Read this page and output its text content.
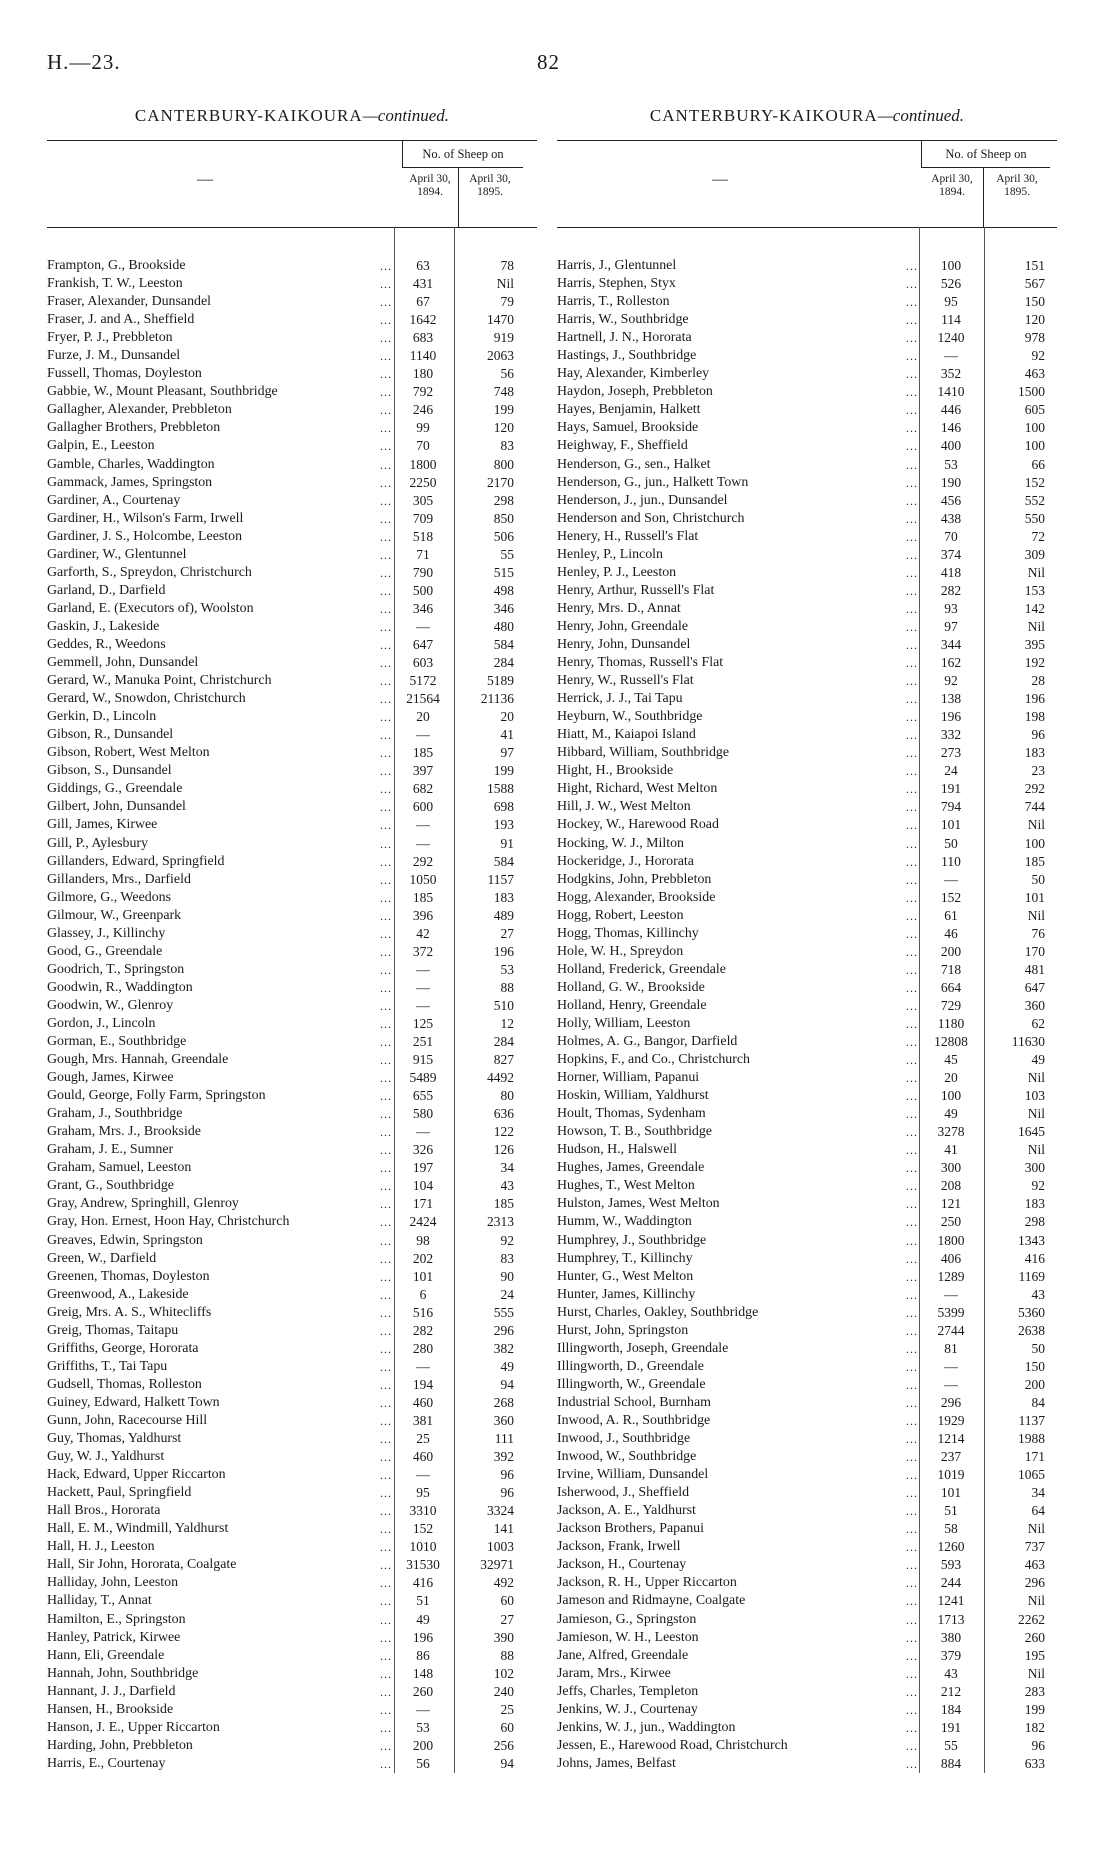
H.—23.	82
CANTERBURY-KAIKOURA—continued.
—
No. of Sheep on
April 30, 1894.
April 30, 1895.
Frampton, G., Brookside	...	63	78
Frankish, T. W., Leeston	...	431	Nil
Fraser, Alexander, Dunsandel	...	67	79
Fraser, J. and A., Sheffield	...	1642	1470
Fryer, P. J., Prebbleton	...	683	919
Furze, J. M., Dunsandel	...	1140	2063
Fussell, Thomas, Doyleston	...	180	56
Gabbie, W., Mount Pleasant, Southbridge	...	792	748
Gallagher, Alexander, Prebbleton	...	246	199
Gallagher Brothers, Prebbleton	...	99	120
Galpin, E., Leeston	...	70	83
Gamble, Charles, Waddington	...	1800	800
Gammack, James, Springston	...	2250	2170
Gardiner, A., Courtenay	...	305	298
Gardiner, H., Wilson's Farm, Irwell	...	709	850
Gardiner, J. S., Holcombe, Leeston	...	518	506
Gardiner, W., Glentunnel	...	71	55
Garforth, S., Spreydon, Christchurch	...	790	515
Garland, D., Darfield	...	500	498
Garland, E. (Executors of), Woolston	...	346	346
Gaskin, J., Lakeside	...	—	480
Geddes, R., Weedons	...	647	584
Gemmell, John, Dunsandel	...	603	284
Gerard, W., Manuka Point, Christchurch	...	5172	5189
Gerard, W., Snowdon, Christchurch	...	21564	21136
Gerkin, D., Lincoln	...	20	20
Gibson, R., Dunsandel	...	—	41
Gibson, Robert, West Melton	...	185	97
Gibson, S., Dunsandel	...	397	199
Giddings, G., Greendale	...	682	1588
Gilbert, John, Dunsandel	...	600	698
Gill, James, Kirwee	...	—	193
Gill, P., Aylesbury	...	—	91
Gillanders, Edward, Springfield	...	292	584
Gillanders, Mrs., Darfield	...	1050	1157
Gilmore, G., Weedons	...	185	183
Gilmour, W., Greenpark	...	396	489
Glassey, J., Killinchy	...	42	27
Good, G., Greendale	...	372	196
Goodrich, T., Springston	...	—	53
Goodwin, R., Waddington	...	—	88
Goodwin, W., Glenroy	...	—	510
Gordon, J., Lincoln	...	125	12
Gorman, E., Southbridge	...	251	284
Gough, Mrs. Hannah, Greendale	...	915	827
Gough, James, Kirwee	...	5489	4492
Gould, George, Folly Farm, Springston	...	655	80
Graham, J., Southbridge	...	580	636
Graham, Mrs. J., Brookside	...	—	122
Graham, J. E., Sumner	...	326	126
Graham, Samuel, Leeston	...	197	34
Grant, G., Southbridge	...	104	43
Gray, Andrew, Springhill, Glenroy	...	171	185
Gray, Hon. Ernest, Hoon Hay, Christchurch	...	2424	2313
Greaves, Edwin, Springston	...	98	92
Green, W., Darfield	...	202	83
Greenen, Thomas, Doyleston	...	101	90
Greenwood, A., Lakeside	...	6	24
Greig, Mrs. A. S., Whitecliffs	...	516	555
Greig, Thomas, Taitapu	...	282	296
Griffiths, George, Hororata	...	280	382
Griffiths, T., Tai Tapu	...	—	49
Gudsell, Thomas, Rolleston	...	194	94
Guiney, Edward, Halkett Town	...	460	268
Gunn, John, Racecourse Hill	...	381	360
Guy, Thomas, Yaldhurst	...	25	111
Guy, W. J., Yaldhurst	...	460	392
Hack, Edward, Upper Riccarton	...	—	96
Hackett, Paul, Springfield	...	95	96
Hall Bros., Hororata	...	3310	3324
Hall, E. M., Windmill, Yaldhurst	...	152	141
Hall, H. J., Leeston	...	1010	1003
Hall, Sir John, Hororata, Coalgate	...	31530	32971
Halliday, John, Leeston	...	416	492
Halliday, T., Annat	...	51	60
Hamilton, E., Springston	...	49	27
Hanley, Patrick, Kirwee	...	196	390
Hann, Eli, Greendale	...	86	88
Hannah, John, Southbridge	...	148	102
Hannant, J. J., Darfield	...	260	240
Hansen, H., Brookside	...	—	25
Hanson, J. E., Upper Riccarton	...	53	60
Harding, John, Prebbleton	...	200	256
Harris, E., Courtenay	...	56	94
CANTERBURY-KAIKOURA—continued.
—
No. of Sheep on
April 30, 1894.
April 30, 1895.
Harris, J., Glentunnel	...	100	151
Harris, Stephen, Styx	...	526	567
Harris, T., Rolleston	...	95	150
Harris, W., Southbridge	...	114	120
Hartnell, J. N., Hororata	...	1240	978
Hastings, J., Southbridge	...	—	92
Hay, Alexander, Kimberley	...	352	463
Haydon, Joseph, Prebbleton	...	1410	1500
Hayes, Benjamin, Halkett	...	446	605
Hays, Samuel, Brookside	...	146	100
Heighway, F., Sheffield	...	400	100
Henderson, G., sen., Halket	...	53	66
Henderson, G., jun., Halkett Town	...	190	152
Henderson, J., jun., Dunsandel	...	456	552
Henderson and Son, Christchurch	...	438	550
Henery, H., Russell's Flat	...	70	72
Henley, P., Lincoln	...	374	309
Henley, P. J., Leeston	...	418	Nil
Henry, Arthur, Russell's Flat	...	282	153
Henry, Mrs. D., Annat	...	93	142
Henry, John, Greendale	...	97	Nil
Henry, John, Dunsandel	...	344	395
Henry, Thomas, Russell's Flat	...	162	192
Henry, W., Russell's Flat	...	92	28
Herrick, J. J., Tai Tapu	...	138	196
Heyburn, W., Southbridge	...	196	198
Hiatt, M., Kaiapoi Island	...	332	96
Hibbard, William, Southbridge	...	273	183
Hight, H., Brookside	...	24	23
Hight, Richard, West Melton	...	191	292
Hill, J. W., West Melton	...	794	744
Hockey, W., Harewood Road	...	101	Nil
Hocking, W. J., Milton	...	50	100
Hockeridge, J., Hororata	...	110	185
Hodgkins, John, Prebbleton	...	—	50
Hogg, Alexander, Brookside	...	152	101
Hogg, Robert, Leeston	...	61	Nil
Hogg, Thomas, Killinchy	...	46	76
Hole, W. H., Spreydon	...	200	170
Holland, Frederick, Greendale	...	718	481
Holland, G. W., Brookside	...	664	647
Holland, Henry, Greendale	...	729	360
Holly, William, Leeston	...	1180	62
Holmes, A. G., Bangor, Darfield	...	12808	11630
Hopkins, F., and Co., Christchurch	...	45	49
Horner, William, Papanui	...	20	Nil
Hoskin, William, Yaldhurst	...	100	103
Hoult, Thomas, Sydenham	...	49	Nil
Howson, T. B., Southbridge	...	3278	1645
Hudson, H., Halswell	...	41	Nil
Hughes, James, Greendale	...	300	300
Hughes, T., West Melton	...	208	92
Hulston, James, West Melton	...	121	183
Humm, W., Waddington	...	250	298
Humphrey, J., Southbridge	...	1800	1343
Humphrey, T., Killinchy	...	406	416
Hunter, G., West Melton	...	1289	1169
Hunter, James, Killinchy	...	—	43
Hurst, Charles, Oakley, Southbridge	...	5399	5360
Hurst, John, Springston	...	2744	2638
Illingworth, Joseph, Greendale	...	81	50
Illingworth, D., Greendale	...	—	150
Illingworth, W., Greendale	...	—	200
Industrial School, Burnham	...	296	84
Inwood, A. R., Southbridge	...	1929	1137
Inwood, J., Southbridge	...	1214	1988
Inwood, W., Southbridge	...	237	171
Irvine, William, Dunsandel	...	1019	1065
Isherwood, J., Sheffield	...	101	34
Jackson, A. E., Yaldhurst	...	51	64
Jackson Brothers, Papanui	...	58	Nil
Jackson, Frank, Irwell	...	1260	737
Jackson, H., Courtenay	...	593	463
Jackson, R. H., Upper Riccarton	...	244	296
Jameson and Ridmayne, Coalgate	...	1241	Nil
Jamieson, G., Springston	...	1713	2262
Jamieson, W. H., Leeston	...	380	260
Jane, Alfred, Greendale	...	379	195
Jaram, Mrs., Kirwee	...	43	Nil
Jeffs, Charles, Templeton	...	212	283
Jenkins, W. J., Courtenay	...	184	199
Jenkins, W. J., jun., Waddington	...	191	182
Jessen, E., Harewood Road, Christchurch	...	55	96
Johns, James, Belfast	...	884	633
